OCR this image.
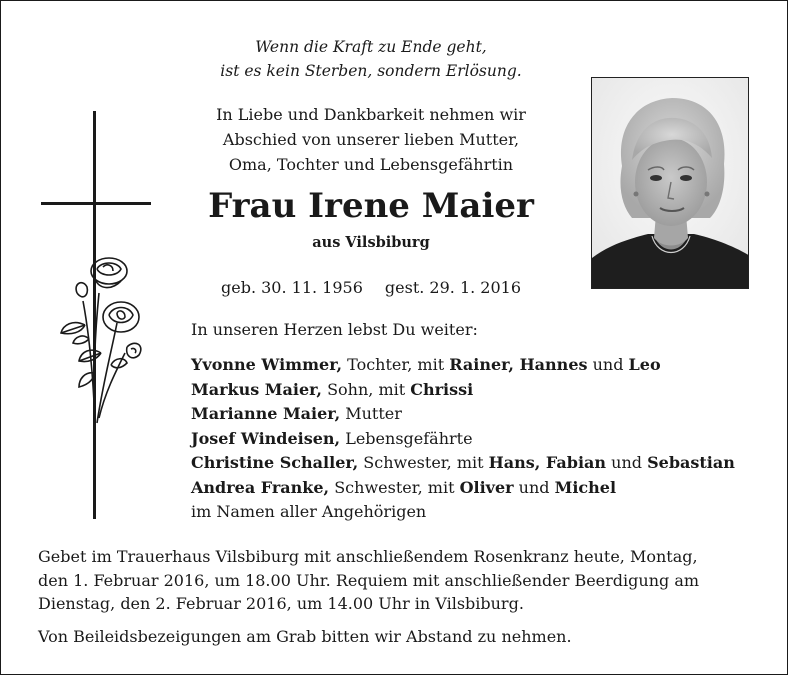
Wenn die Kraft zu Ende geht,
ist es kein Sterben, sondern Erlösung.
In Liebe und Dankbarkeit nehmen wir
Abschied von unserer lieben Mutter,
Oma, Tochter und Lebensgefährtin
Frau Irene Maier
aus Vilsbiburg
geb. 30. 11. 1956 gest. 29. 1. 2016
In unseren Herzen lebst Du weiter:
Yvonne Wimmer, Tochter, mit Rainer, Hannes und Leo
Markus Maier, Sohn, mit Chrissi
Marianne Maier, Mutter
Josef Windeisen, Lebensgefährte
Christine Schaller, Schwester, mit Hans, Fabian und Sebastian
Andrea Franke, Schwester, mit Oliver und Michel
im Namen aller Angehörigen
Gebet im Trauerhaus Vilsbiburg mit anschließendem Rosenkranz heute, Montag,
den 1. Februar 2016, um 18.00 Uhr. Requiem mit anschließender Beerdigung am
Dienstag, den 2. Februar 2016, um 14.00 Uhr in Vilsbiburg.
Von Beileidsbezeigungen am Grab bitten wir Abstand zu nehmen.
